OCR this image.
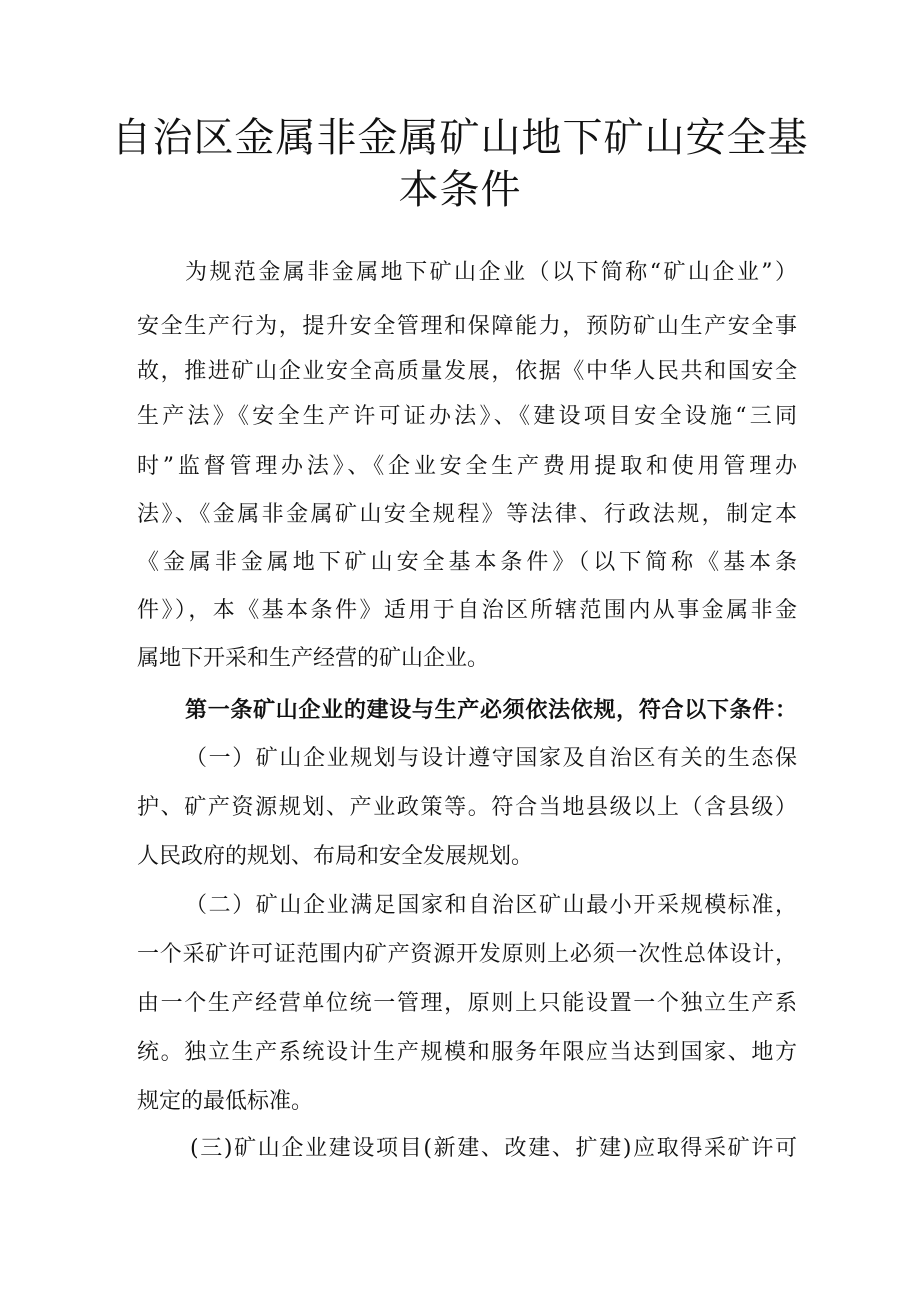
自治区金属非金属矿山地下矿山安全基
本条件
为规范金属非金属地下矿山企业（以下简称“矿山企业”）
安全生产行为，提升安全管理和保障能力，预防矿山生产安全事
故，推进矿山企业安全高质量发展，依据《中华人民共和国安全
生产法》《安全生产许可证办法》、《建设项目安全设施“三同
时”监督管理办法》、《企业安全生产费用提取和使用管理办
法》、《金属非金属矿山安全规程》等法律、行政法规，制定本
《金属非金属地下矿山安全基本条件》（以下简称《基本条
件》），本《基本条件》适用于自治区所辖范围内从事金属非金
属地下开采和生产经营的矿山企业。
第一条矿山企业的建设与生产必须依法依规，符合以下条件：
（一）矿山企业规划与设计遵守国家及自治区有关的生态保
护、矿产资源规划、产业政策等。符合当地县级以上（含县级）
人民政府的规划、布局和安全发展规划。
（二）矿山企业满足国家和自治区矿山最小开采规模标准，
一个采矿许可证范围内矿产资源开发原则上必须一次性总体设计，
由一个生产经营单位统一管理，原则上只能设置一个独立生产系
统。独立生产系统设计生产规模和服务年限应当达到国家、地方
规定的最低标准。
(三)矿山企业建设项目(新建、改建、扩建)应取得采矿许可
